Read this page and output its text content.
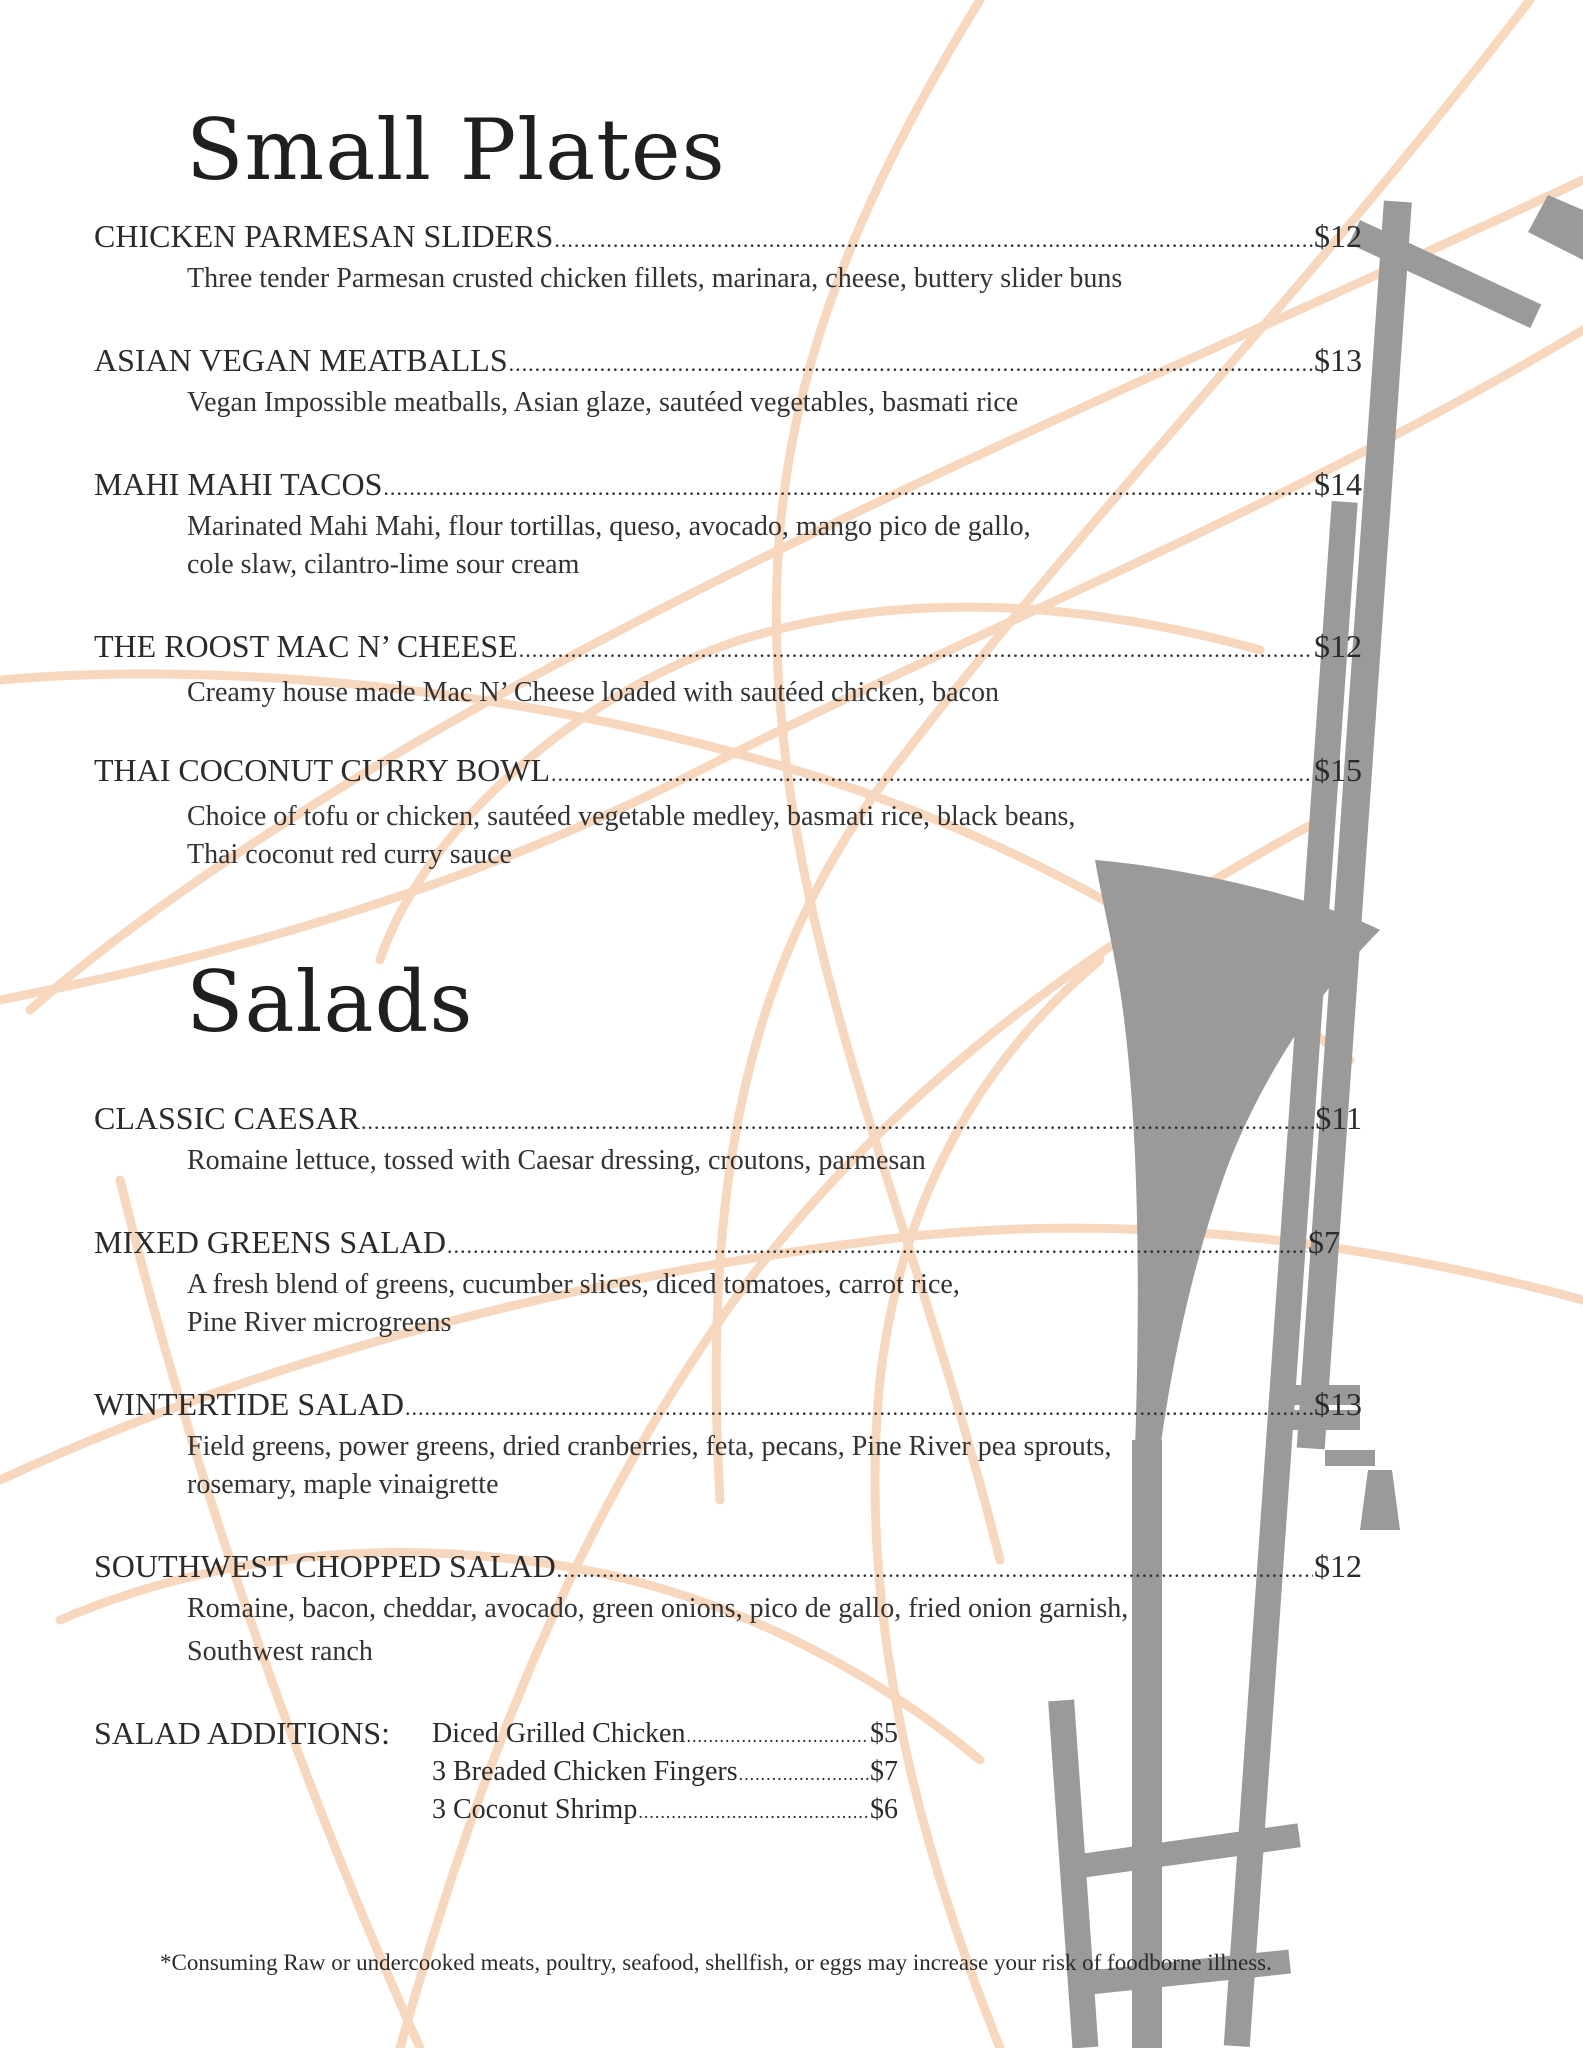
Small Plates
CHICKEN PARMESAN SLIDERS .....	$12
Three tender Parmesan crusted chicken fillets, marinara, cheese, buttery slider buns
ASIAN VEGAN MEATBALLS .....	$13
Vegan Impossible meatballs, Asian glaze, sautéed vegetables, basmati rice
MAHI MAHI TACOS .....	$14
Marinated Mahi Mahi, flour tortillas, queso, avocado, mango pico de gallo,
cole slaw, cilantro-lime sour cream
THE ROOST MAC N’ CHEESE .....	$12
Creamy house made Mac N’ Cheese loaded with sautéed chicken, bacon
THAI COCONUT CURRY BOWL .....	$15
Choice of tofu or chicken, sautéed vegetable medley, basmati rice, black beans,
Thai coconut red curry sauce
Salads
CLASSIC CAESAR .....	$11
Romaine lettuce, tossed with Caesar dressing, croutons, parmesan
MIXED GREENS SALAD .....	$7
A fresh blend of greens, cucumber slices, diced tomatoes, carrot rice,
Pine River microgreens
WINTERTIDE SALAD .....	$13
Field greens, power greens, dried cranberries, feta, pecans, Pine River pea sprouts,
rosemary, maple vinaigrette
SOUTHWEST CHOPPED SALAD .....	$12
Romaine, bacon, cheddar, avocado, green onions, pico de gallo, fried onion garnish,
Southwest ranch
SALAD ADDITIONS: Diced Grilled Chicken .....	$5
3 Breaded Chicken Fingers .....	$7
3 Coconut Shrimp .....	$6
*Consuming Raw or undercooked meats, poultry, seafood, shellfish, or eggs may increase your risk of foodborne illness.
